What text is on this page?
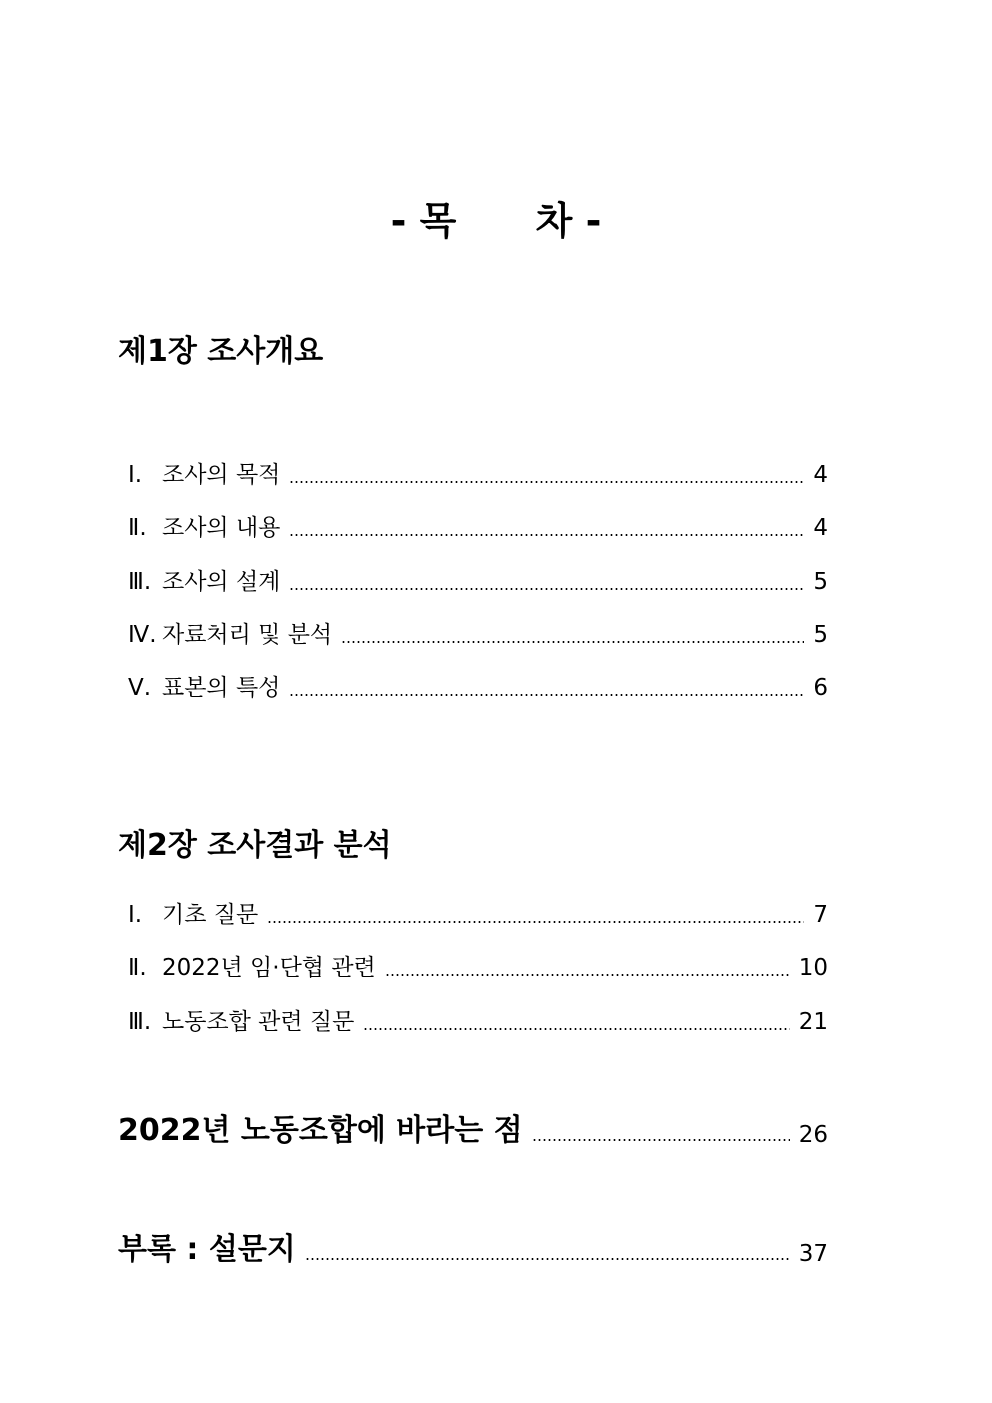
- 목      차 -
제1장 조사개요
Ⅰ. 조사의 목적	4
Ⅱ. 조사의 내용	4
Ⅲ. 조사의 설계	5
Ⅳ. 자료처리 및 분석	5
Ⅴ. 표본의 특성	6
제2장 조사결과 분석
Ⅰ. 기초 질문	7
Ⅱ. 2022년 임·단협 관련	10
Ⅲ. 노동조합 관련 질문	21
2022년 노동조합에 바라는 점	26
부록 : 설문지	37
